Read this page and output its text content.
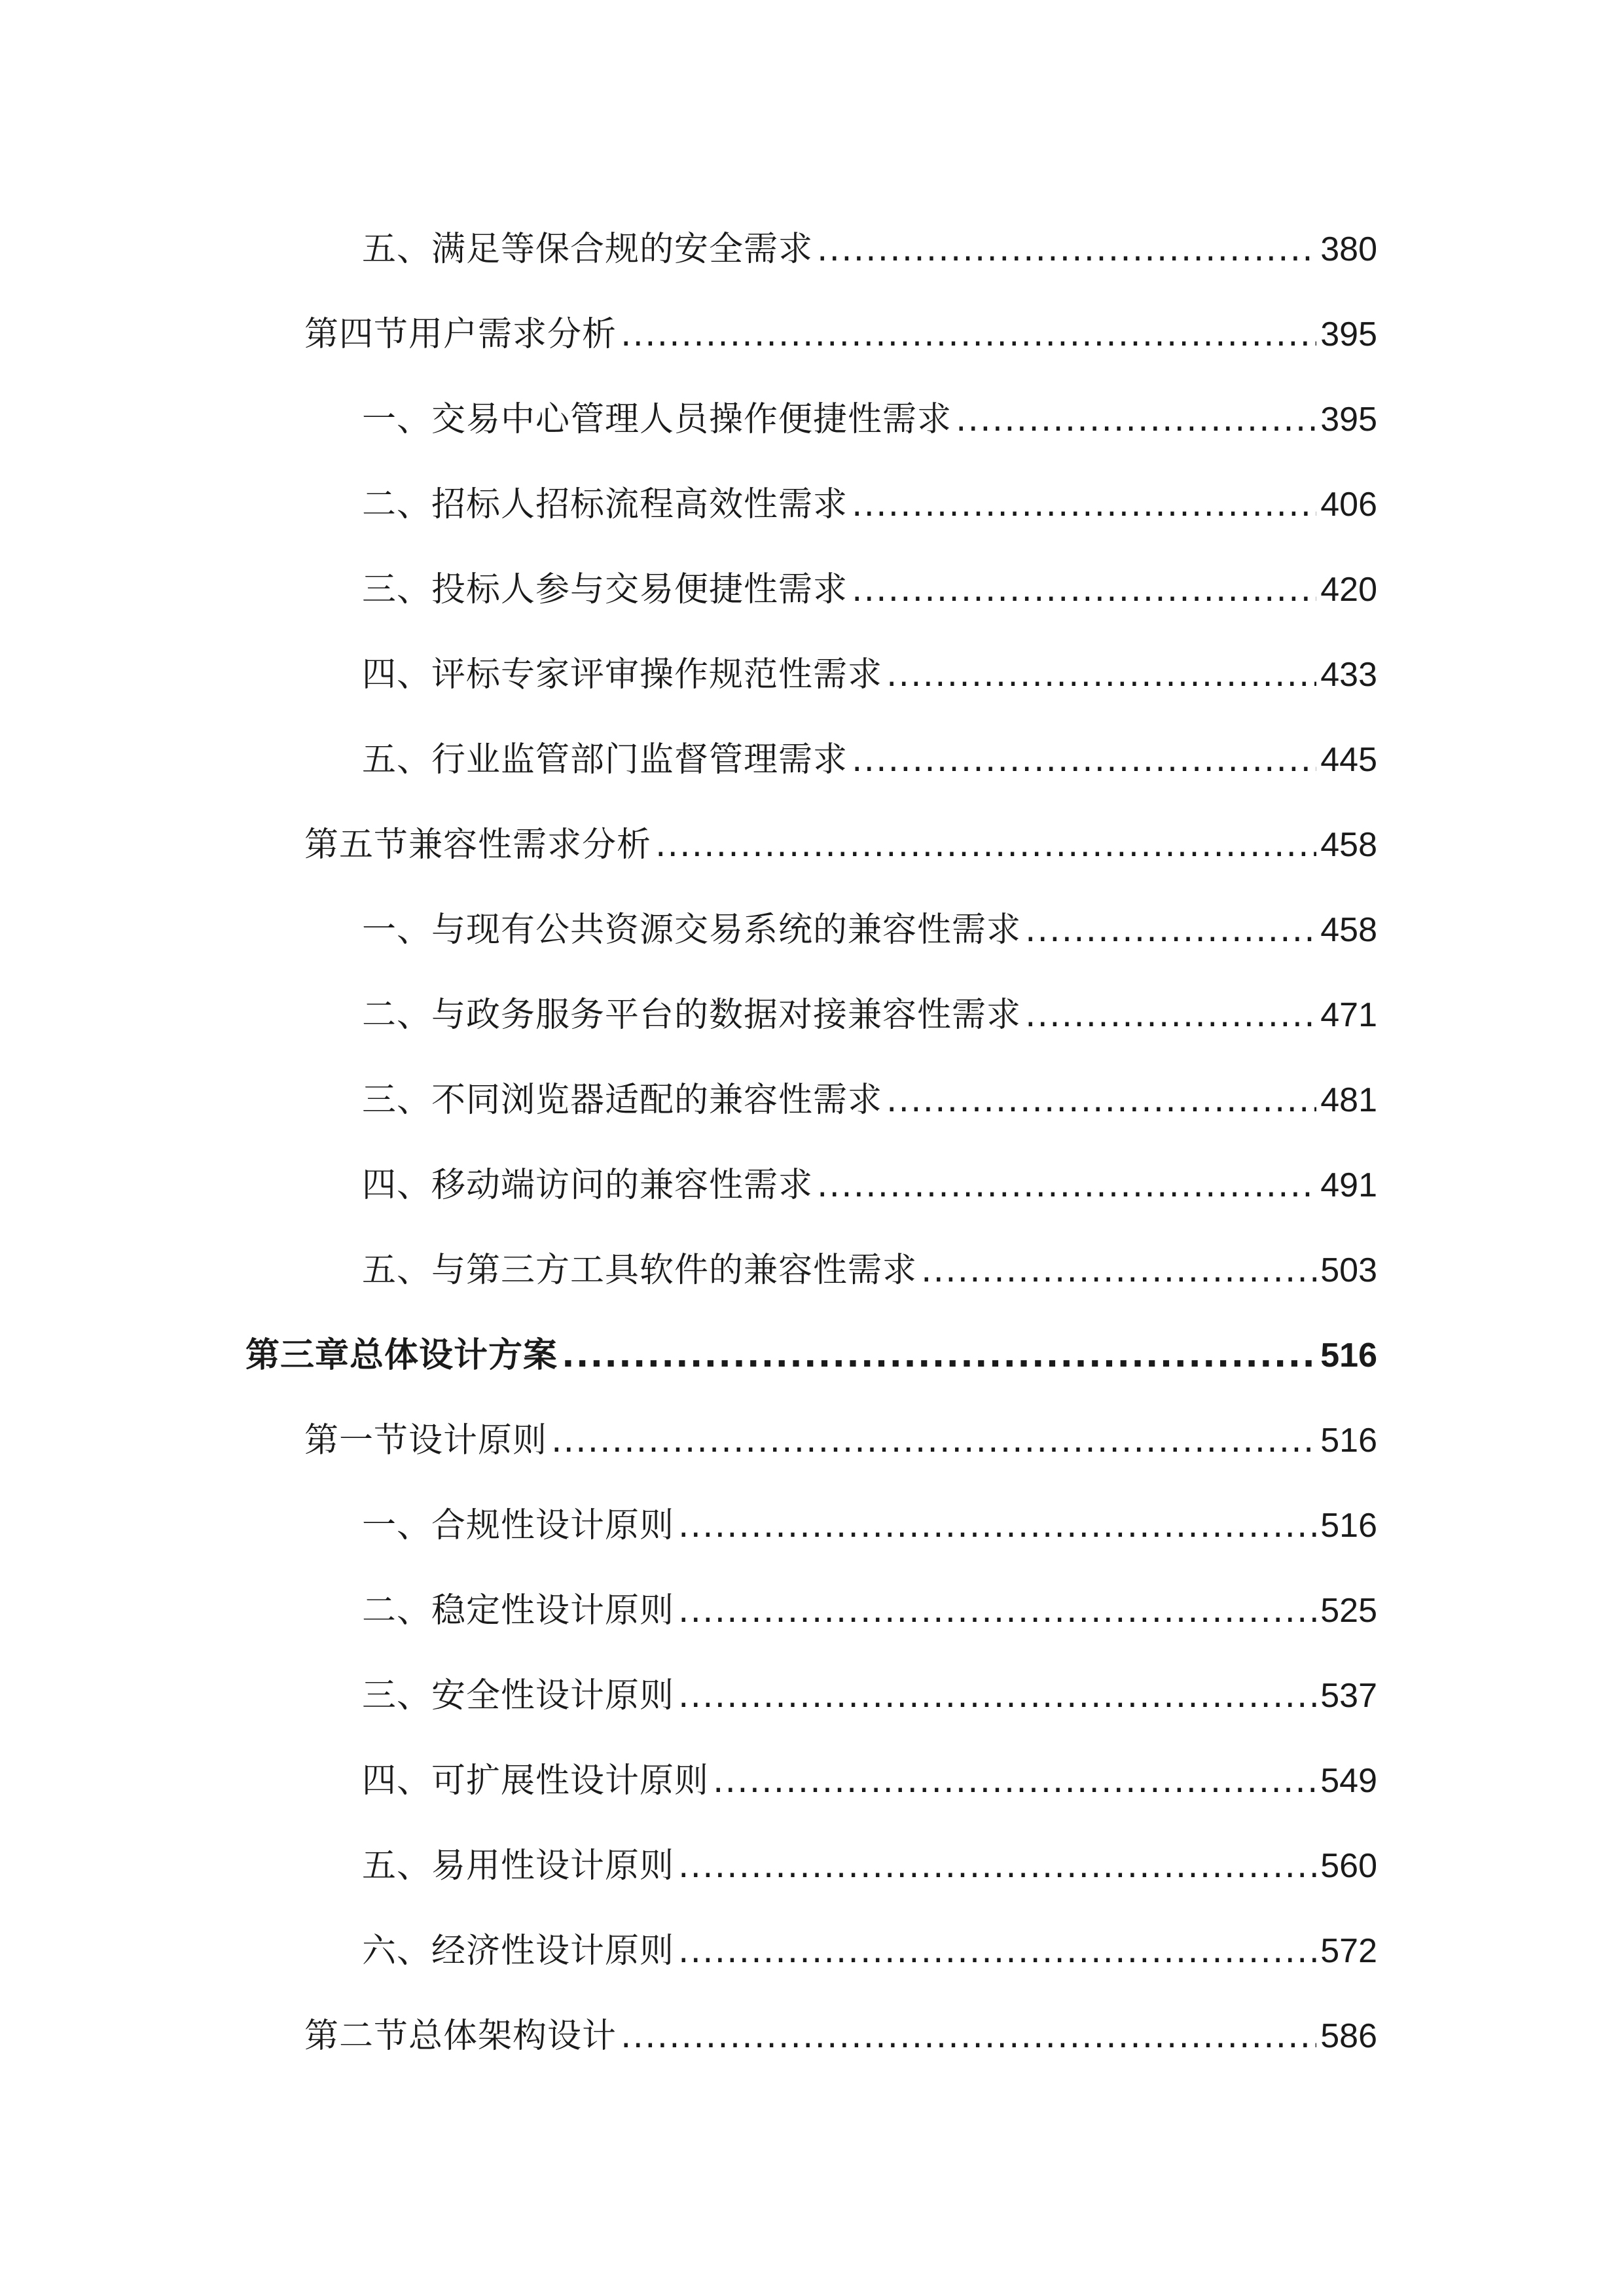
五、满足等保合规的安全需求 .....	380
第四节用户需求分析 .....	395
一、交易中心管理人员操作便捷性需求 .....	395
二、招标人招标流程高效性需求 .....	406
三、投标人参与交易便捷性需求 .....	420
四、评标专家评审操作规范性需求 .....	433
五、行业监管部门监督管理需求 .....	445
第五节兼容性需求分析 .....	458
一、与现有公共资源交易系统的兼容性需求 .....	458
二、与政务服务平台的数据对接兼容性需求 .....	471
三、不同浏览器适配的兼容性需求 .....	481
四、移动端访问的兼容性需求 .....	491
五、与第三方工具软件的兼容性需求 .....	503
第三章总体设计方案 .....	516
第一节设计原则 .....	516
一、合规性设计原则 .....	516
二、稳定性设计原则 .....	525
三、安全性设计原则 .....	537
四、可扩展性设计原则 .....	549
五、易用性设计原则 .....	560
六、经济性设计原则 .....	572
第二节总体架构设计 .....	586
